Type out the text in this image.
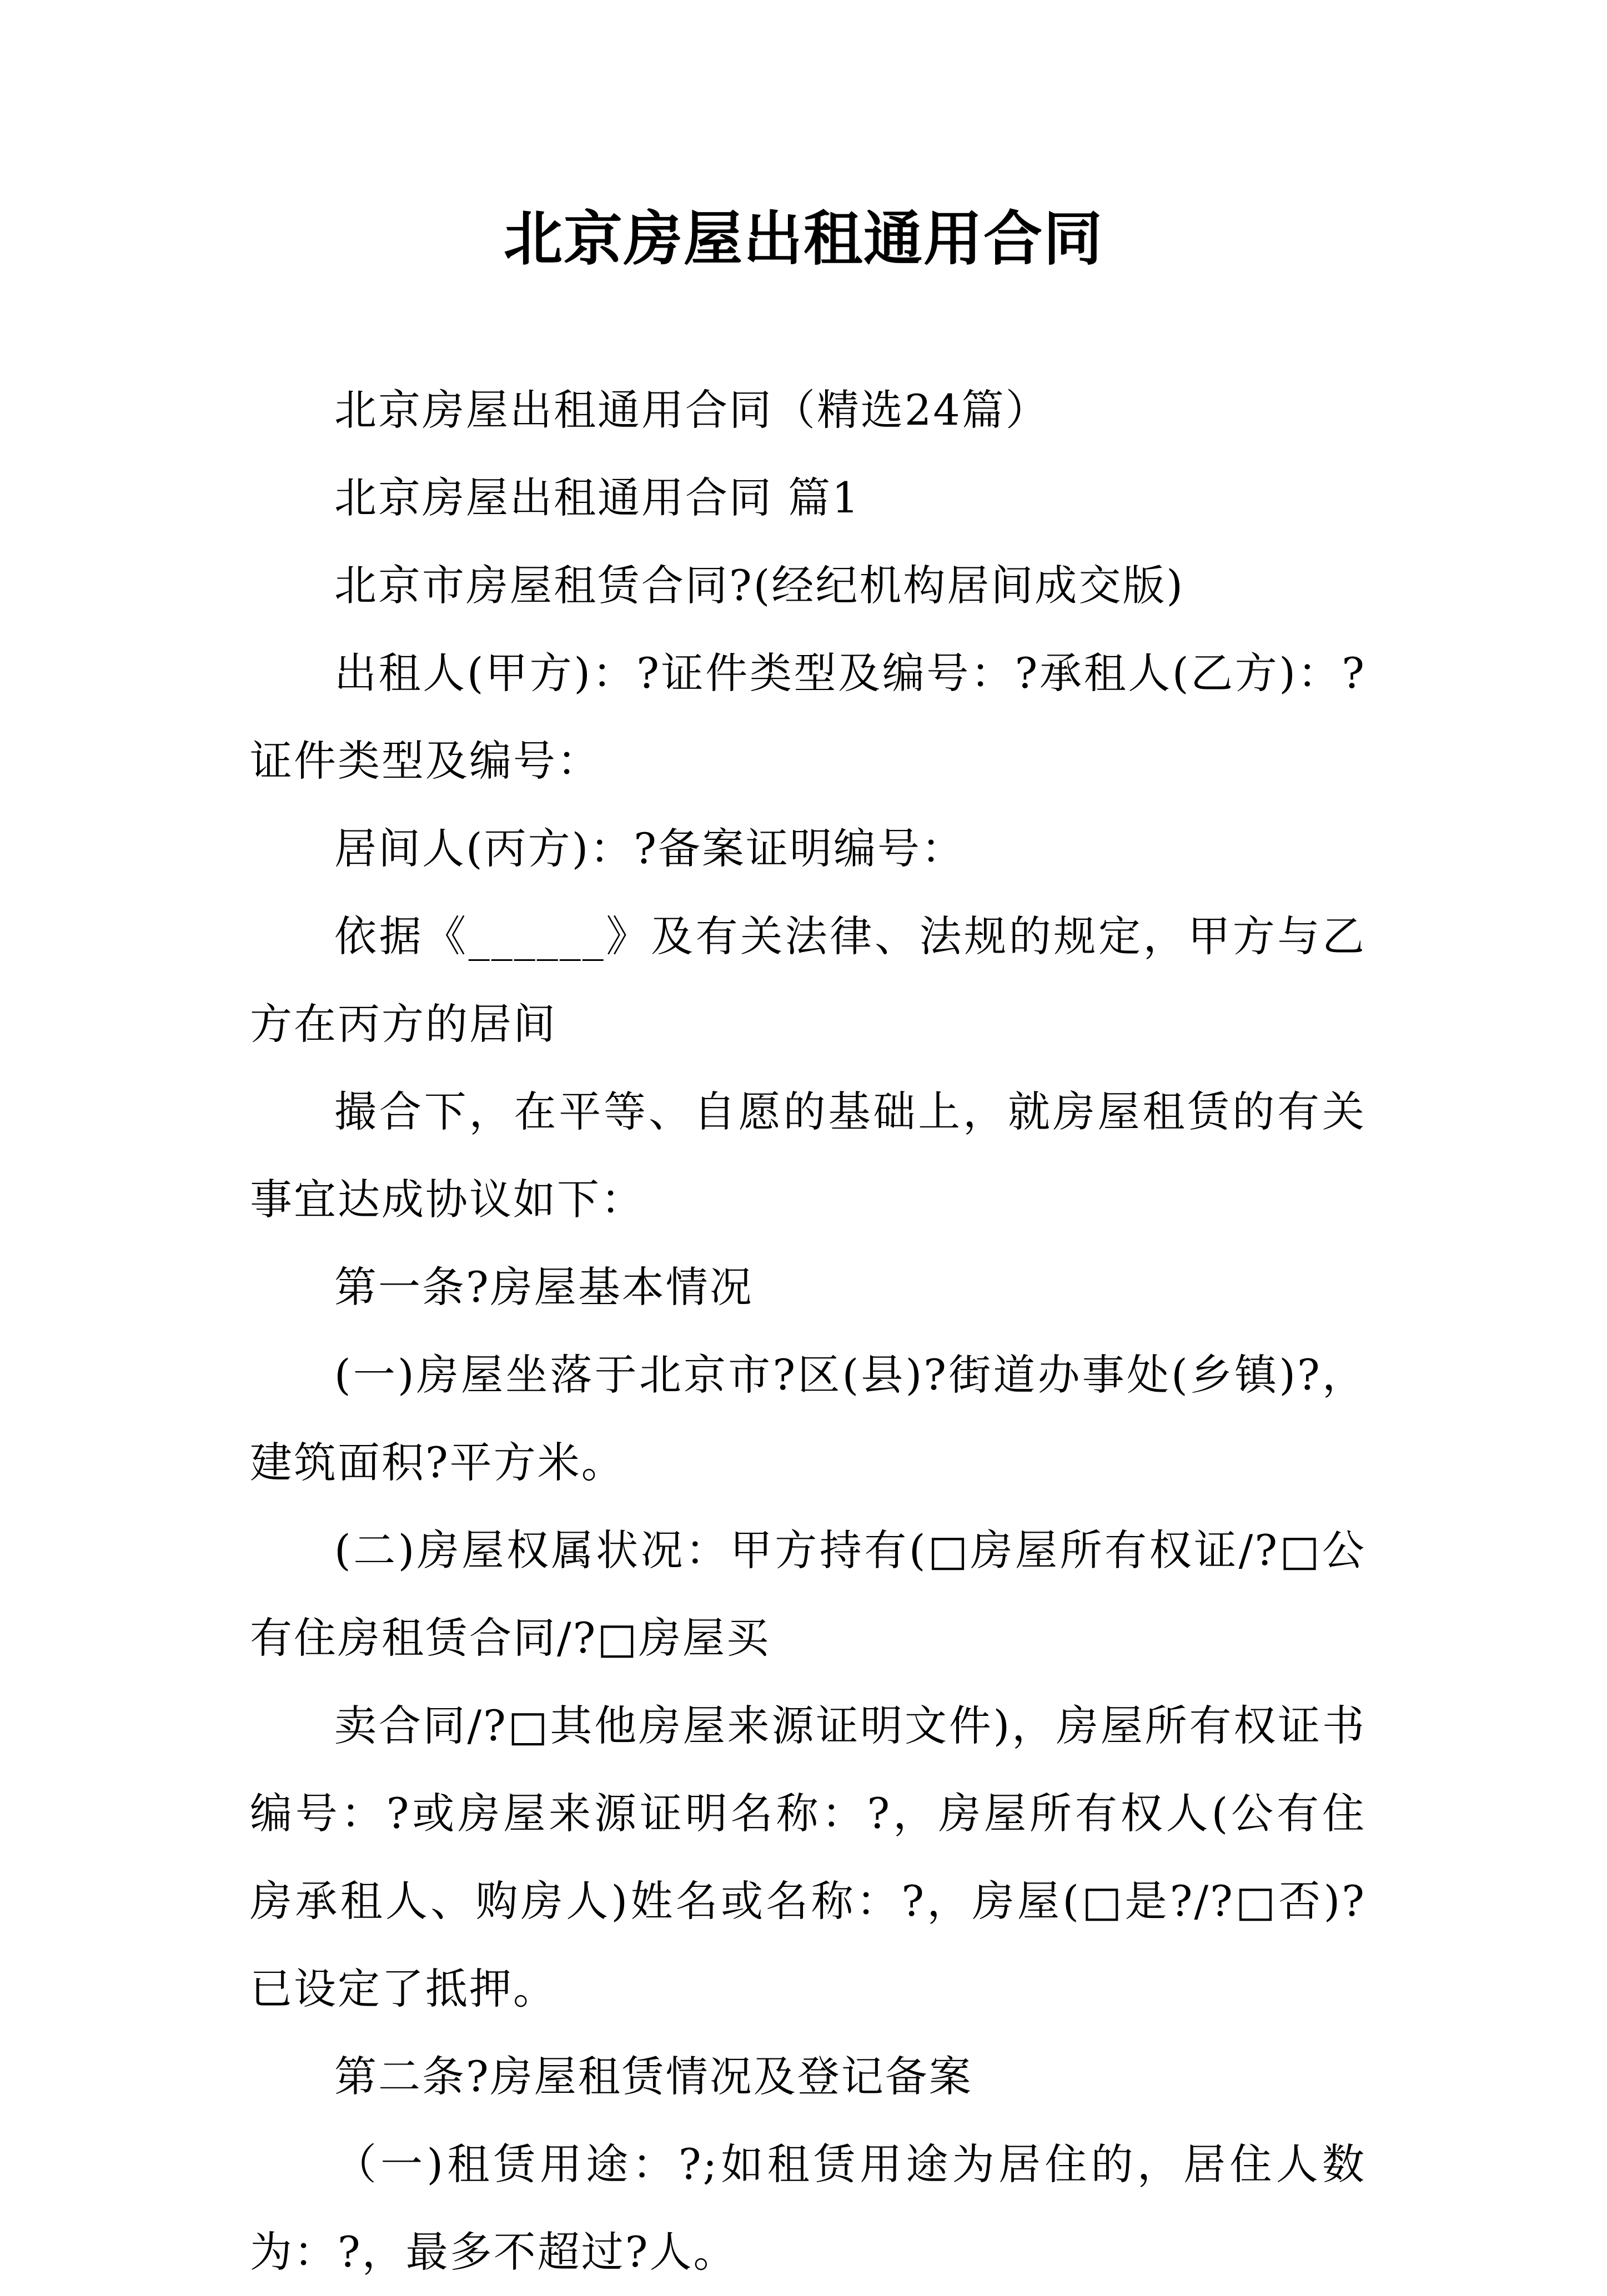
北京房屋出租通用合同

北京房屋出租通用合同（精选24篇）

北京房屋出租通用合同 篇1

北京市房屋租赁合同?(经纪机构居间成交版)

出租人(甲方)：?证件类型及编号：?承租人(乙方)：?证件类型及编号：

居间人(丙方)：?备案证明编号：

依据《______》及有关法律、法规的规定，甲方与乙方在丙方的居间

撮合下，在平等、自愿的基础上，就房屋租赁的有关事宜达成协议如下：

第一条?房屋基本情况

(一)房屋坐落于北京市?区(县)?街道办事处(乡镇)?，建筑面积?平方米。

(二)房屋权属状况：甲方持有(□房屋所有权证/?□公有住房租赁合同/?□房屋买

卖合同/?□其他房屋来源证明文件)，房屋所有权证书编号：?或房屋来源证明名称：?，房屋所有权人(公有住房承租人、购房人)姓名或名称：?，房屋(□是?/?□否)?已设定了抵押。

第二条?房屋租赁情况及登记备案

（一)租赁用途：?;如租赁用途为居住的，居住人数为：?，最多不超过?人。
